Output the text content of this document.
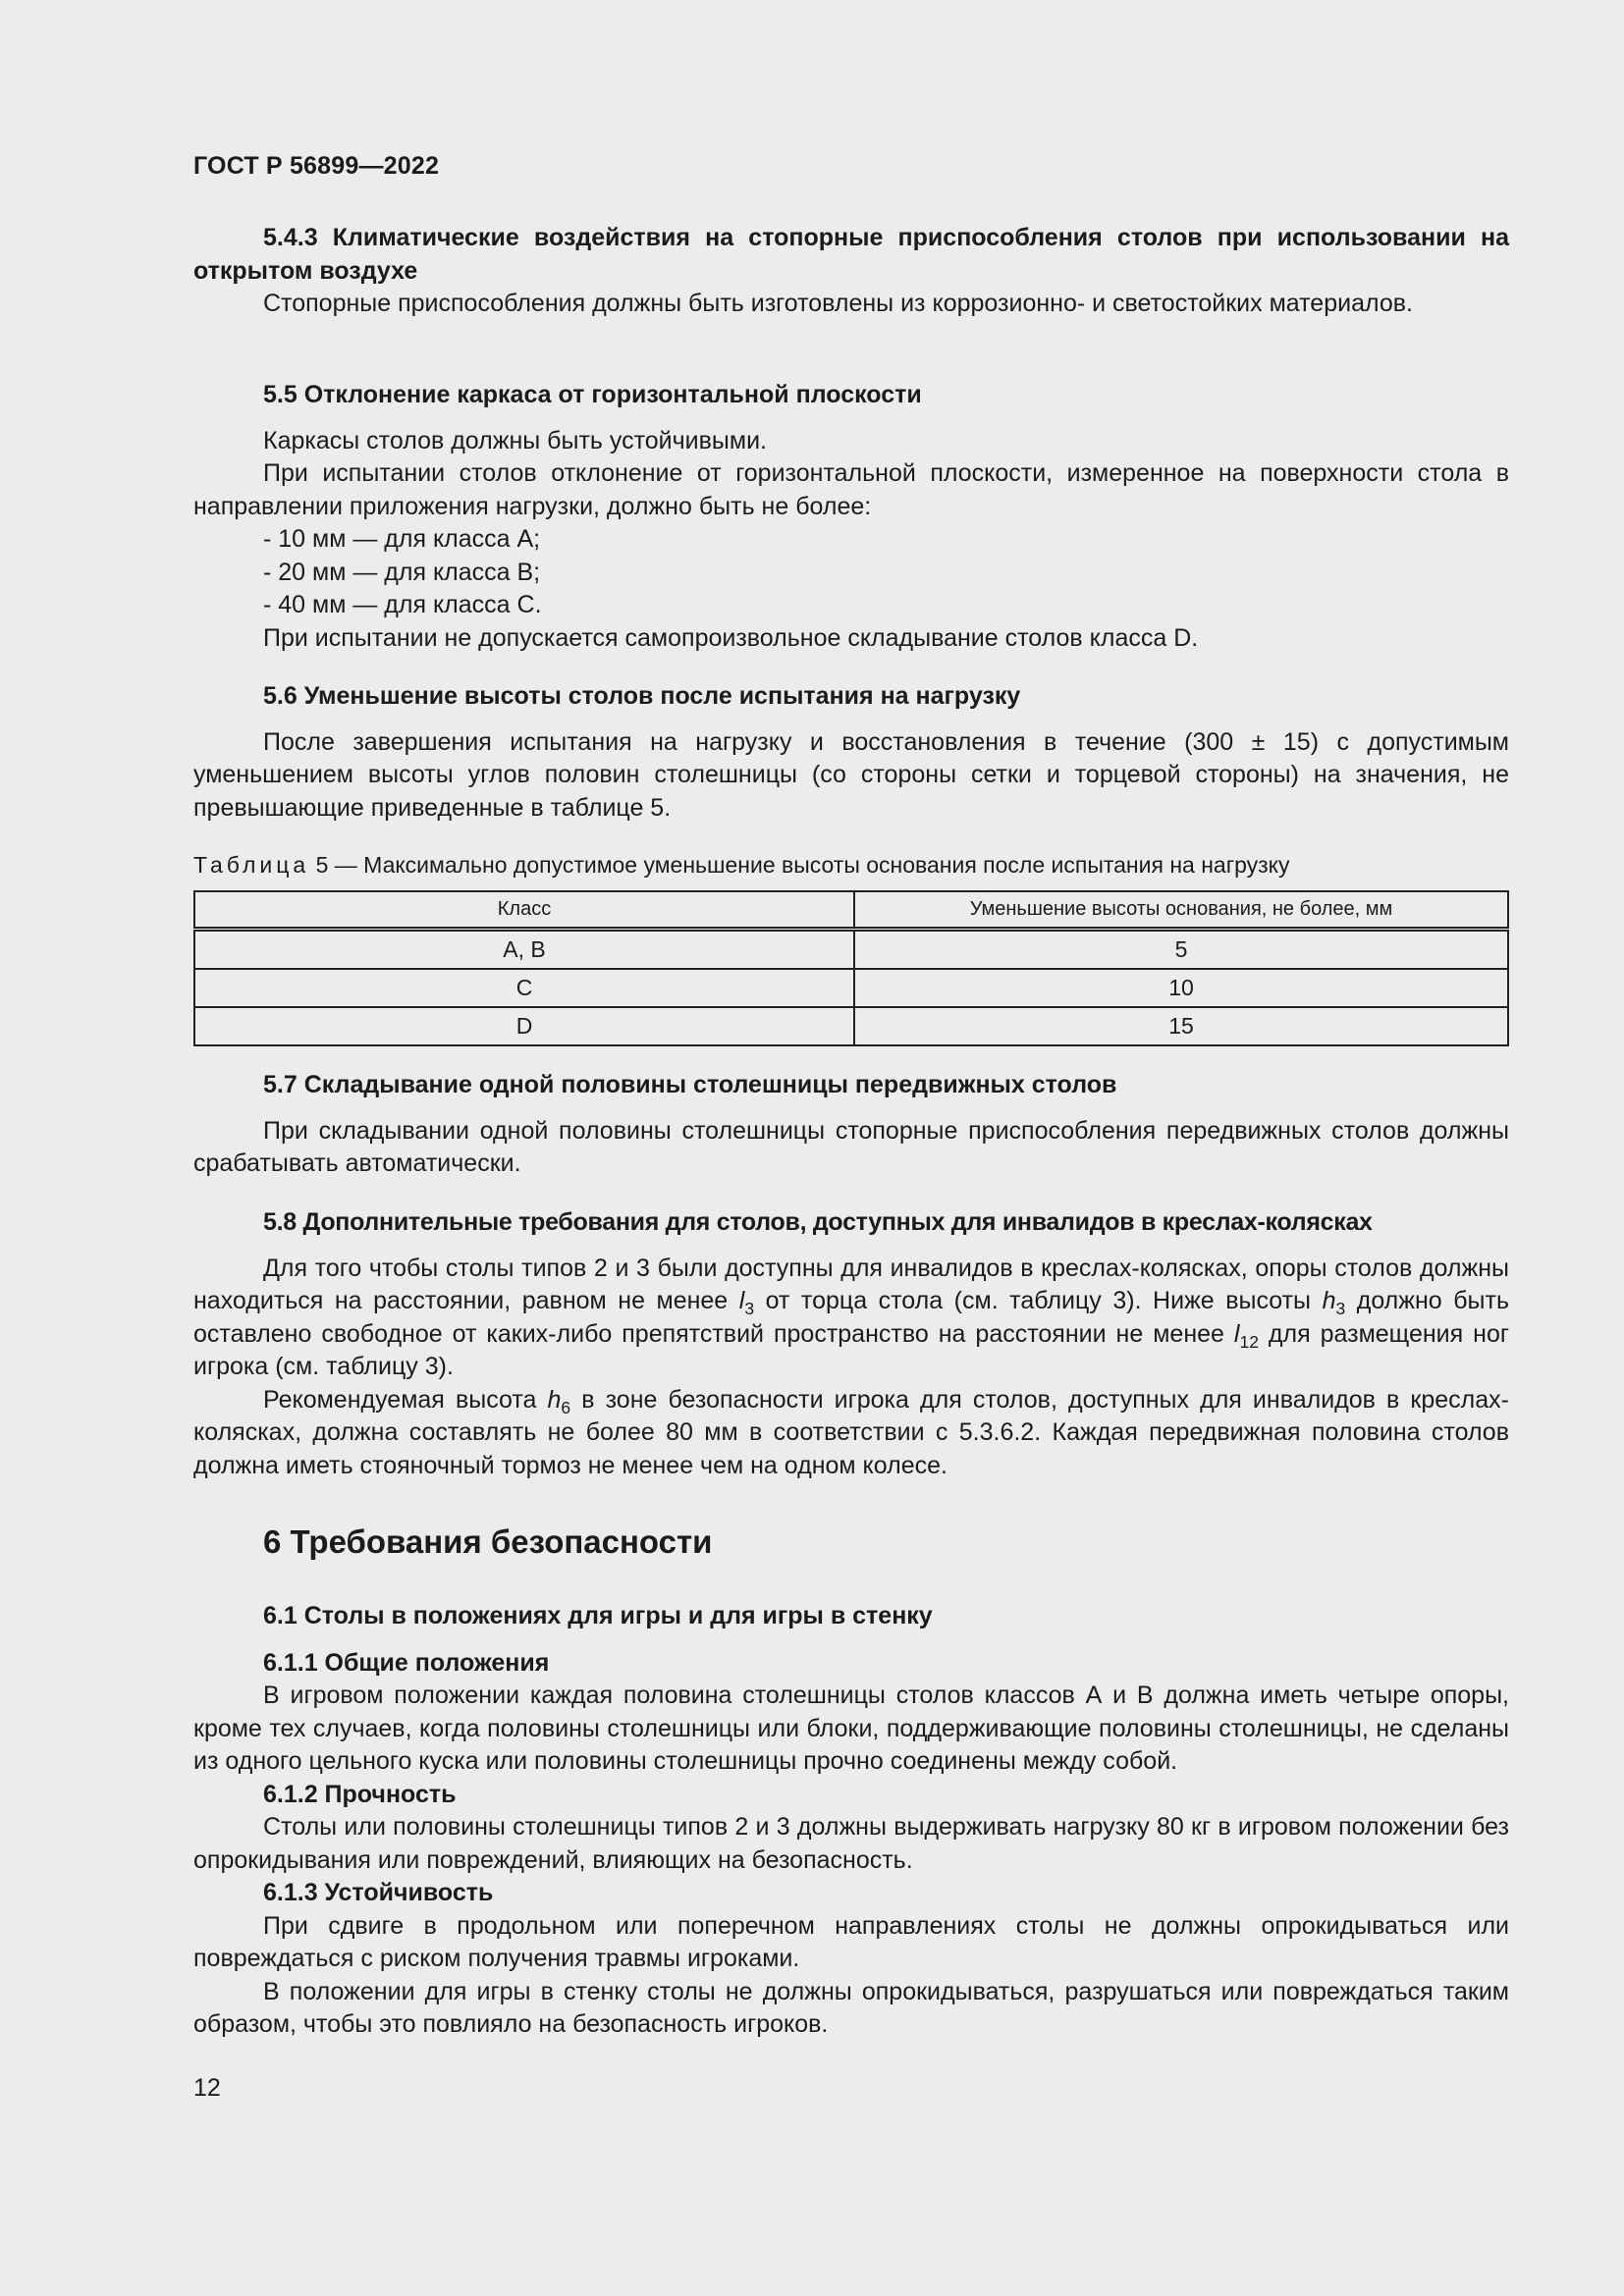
ГОСТ Р 56899—2022

5.4.3 Климатические воздействия на стопорные приспособления столов при использовании на открытом воздухе

Стопорные приспособления должны быть изготовлены из коррозионно- и светостойких материалов.

5.5 Отклонение каркаса от горизонтальной плоскости

Каркасы столов должны быть устойчивыми.

При испытании столов отклонение от горизонтальной плоскости, измеренное на поверхности стола в направлении приложения нагрузки, должно быть не более:

- 10 мм — для класса А;

- 20 мм — для класса В;

- 40 мм — для класса С.

При испытании не допускается самопроизвольное складывание столов класса D.

5.6 Уменьшение высоты столов после испытания на нагрузку

После завершения испытания на нагрузку и восстановления в течение (300 ± 15) с допустимым уменьшением высоты углов половин столешницы (со стороны сетки и торцевой стороны) на значения, не превышающие приведенные в таблице 5.

Таблица 5 — Максимально допустимое уменьшение высоты основания после испытания на нагрузку
Класс	Уменьшение высоты основания, не более, мм
А, В	5
С	10
D	15
5.7 Складывание одной половины столешницы передвижных столов

При складывании одной половины столешницы стопорные приспособления передвижных столов должны срабатывать автоматически.

5.8 Дополнительные требования для столов, доступных для инвалидов в креслах-колясках

Для того чтобы столы типов 2 и 3 были доступны для инвалидов в креслах-колясках, опоры столов должны находиться на расстоянии, равном не менее $l_3$ от торца стола (см. таблицу 3). Ниже высоты $h_3$ должно быть оставлено свободное от каких-либо препятствий пространство на расстоянии не менее $l_{12}$ для размещения ног игрока (см. таблицу 3).

Рекомендуемая высота $h_6$ в зоне безопасности игрока для столов, доступных для инвалидов в креслах-колясках, должна составлять не более 80 мм в соответствии с 5.3.6.2. Каждая передвижная половина столов должна иметь стояночный тормоз не менее чем на одном колесе.

6 Требования безопасности
6.1 Столы в положениях для игры и для игры в стенку
6.1.1 Общие положения

В игровом положении каждая половина столешницы столов классов А и В должна иметь четыре опоры, кроме тех случаев, когда половины столешницы или блоки, поддерживающие половины столешницы, не сделаны из одного цельного куска или половины столешницы прочно соединены между собой.

6.1.2 Прочность

Столы или половины столешницы типов 2 и 3 должны выдерживать нагрузку 80 кг в игровом положении без опрокидывания или повреждений, влияющих на безопасность.

6.1.3 Устойчивость

При сдвиге в продольном или поперечном направлениях столы не должны опрокидываться или повреждаться с риском получения травмы игроками.

В положении для игры в стенку столы не должны опрокидываться, разрушаться или повреждаться таким образом, чтобы это повлияло на безопасность игроков.

12
